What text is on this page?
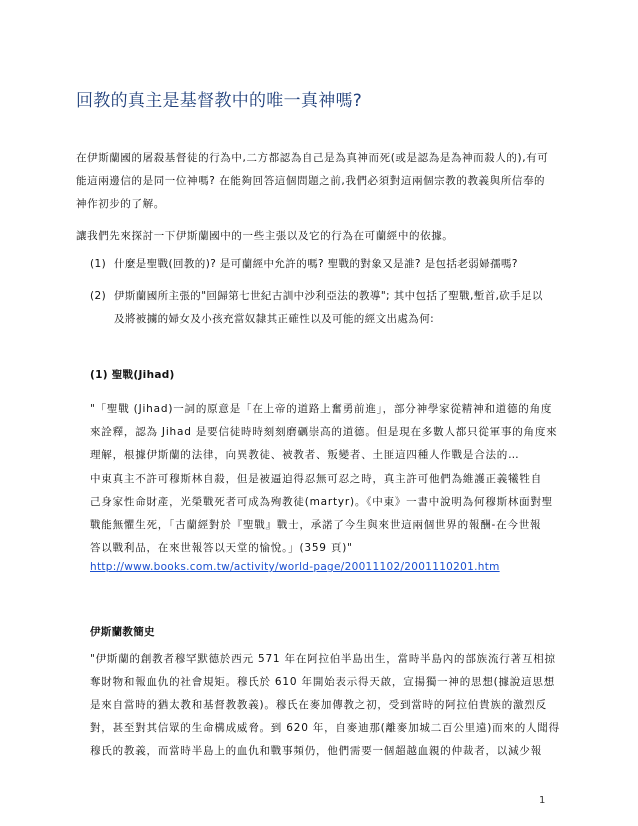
回教的真主是基督教中的唯一真神嗎?
在伊斯蘭國的屠殺基督徒的行為中,二方都認為自己是為真神而死(或是認為是為神而殺人的),有可
能這兩邊信的是同一位神嗎? 在能夠回答這個問題之前,我們必須對這兩個宗教的教義與所信奉的
神作初步的了解。
讓我們先來探討一下伊斯蘭國中的一些主張以及它的行為在可蘭經中的依據。
(1) 什麼是聖戰(回教的)? 是可蘭經中允許的嗎? 聖戰的對象又是誰? 是包括老弱婦孺嗎?
(2) 伊斯蘭國所主張的"回歸第七世紀古訓中沙利亞法的教導"; 其中包括了聖戰,塹首,砍手足以
及將被擄的婦女及小孩充當奴隸其正確性以及可能的經文出處為何:
(1) 聖戰(Jihad)
"「聖戰 (Jihad)一詞的原意是「在上帝的道路上奮勇前進」，部分神學家從精神和道德的角度
來詮釋，認為 Jihad 是要信徒時時刻刻磨礪崇高的道德。但是現在多數人都只從軍事的角度來
理解，根據伊斯蘭的法律，向異教徒、被教者、叛變者、土匪這四種人作戰是合法的…
中東真主不許可穆斯林自殺，但是被逼迫得忍無可忍之時，真主許可他們為維護正義犧牲自
己身家性命財產，光榮戰死者可成為殉教徒(martyr)。《中東》一書中說明為何穆斯林面對聖
戰能無懼生死，「古蘭經對於『聖戰』戰士，承諾了今生與來世這兩個世界的報酬-在今世報
答以戰利品，在來世報答以天堂的愉悅。」(359 頁)"
http://www.books.com.tw/activity/world-page/20011102/2001110201.htm
伊斯蘭教簡史
"伊斯蘭的創教者穆罕默德於西元 571 年在阿拉伯半島出生，當時半島內的部族流行著互相掠
奪財物和報血仇的社會規矩。穆氏於 610 年開始表示得天啟，宣揚獨一神的思想(據說這思想
是來自當時的猶太教和基督教教義)。穆氏在麥加傳教之初，受到當時的阿拉伯貴族的激烈反
對，甚至對其信眾的生命構成威脅。到 620 年，自麥迪那(離麥加城二百公里遠)而來的人聞得
穆氏的教義，而當時半島上的血仇和戰事頻仍，他們需要一個超越血親的仲裁者，以減少報
1
